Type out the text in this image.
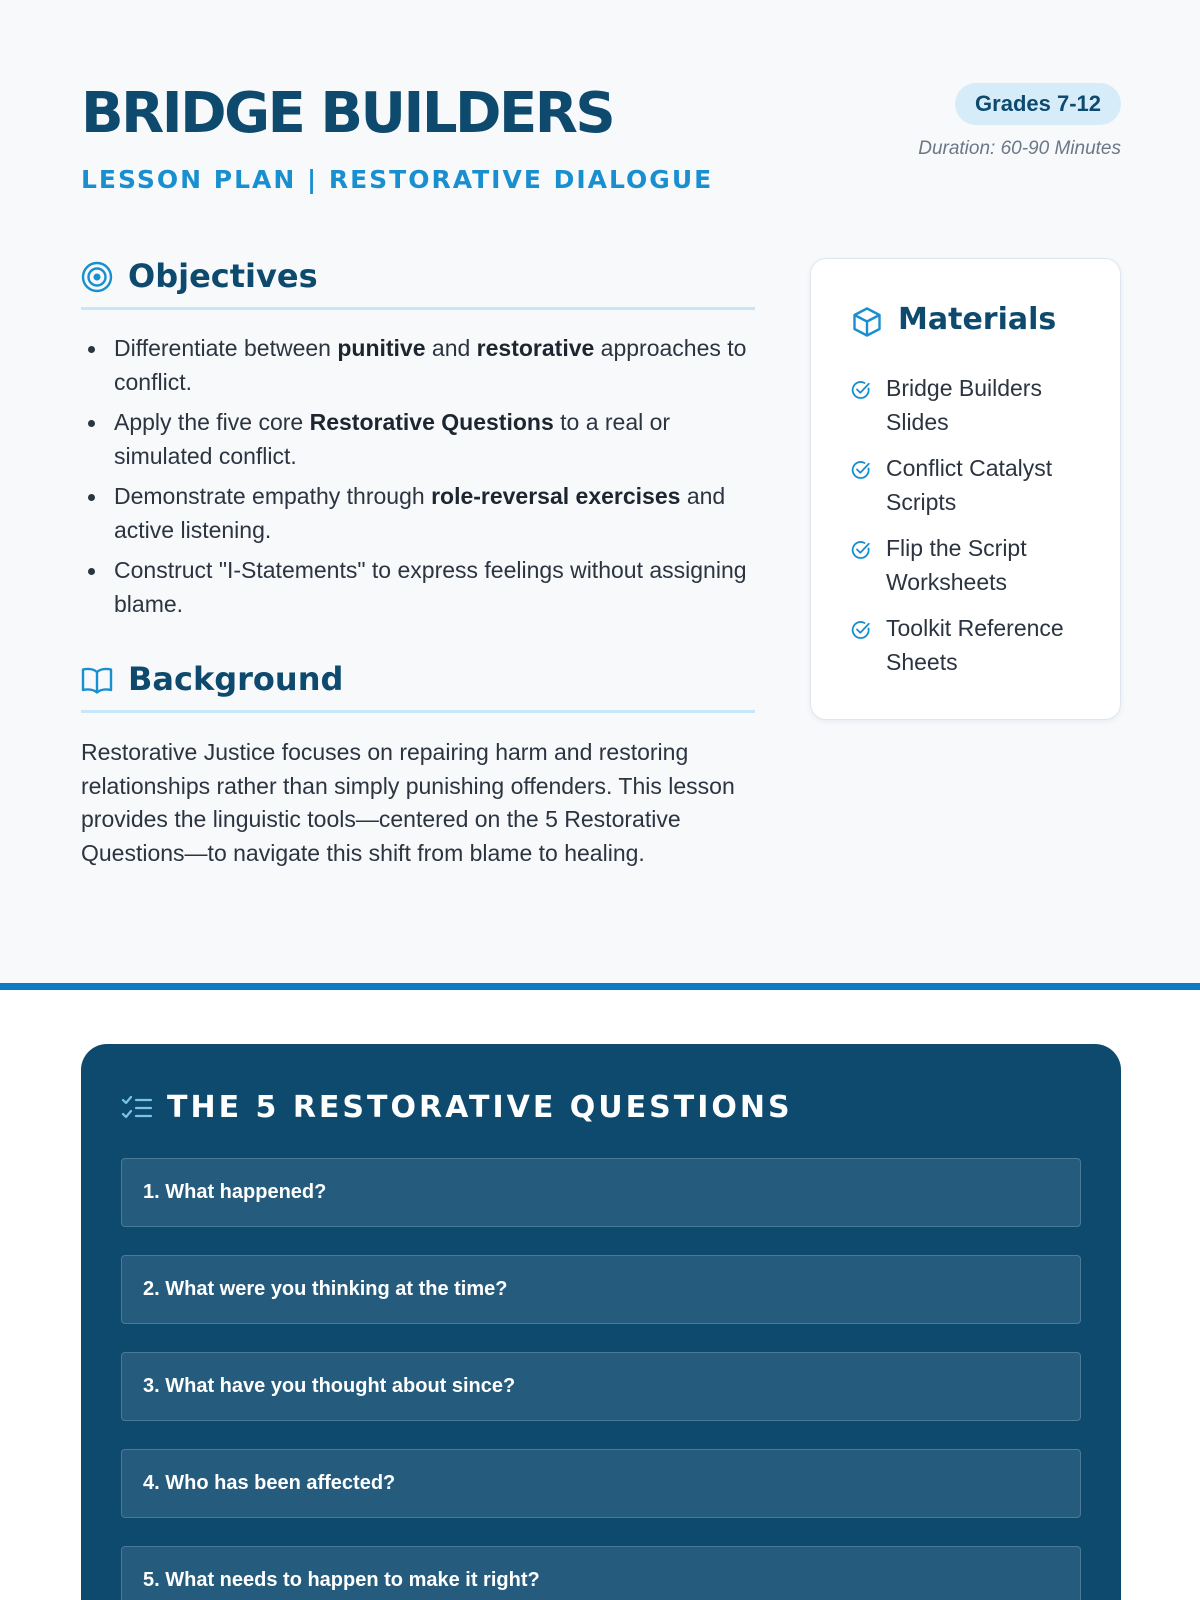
BRIDGE BUILDERS
LESSON PLAN | RESTORATIVE DIALOGUE
Grades 7-12
Duration: 60-90 Minutes
Objectives
Differentiate between punitive and restorative approaches to conflict.
Apply the five core Restorative Questions to a real or simulated conflict.
Demonstrate empathy through role-reversal exercises and active listening.
Construct "I-Statements" to express feelings without assigning blame.
Background

Restorative Justice focuses on repairing harm and restoring relationships rather than simply punishing offenders. This lesson provides the linguistic tools—centered on the 5 Restorative Questions—to navigate this shift from blame to healing.

Materials
Bridge Builders Slides
Conflict Catalyst Scripts
Flip the Script Worksheets
Toolkit Reference Sheets
THE 5 RESTORATIVE QUESTIONS
1. What happened?
2. What were you thinking at the time?
3. What have you thought about since?
4. Who has been affected?
5. What needs to happen to make it right?
